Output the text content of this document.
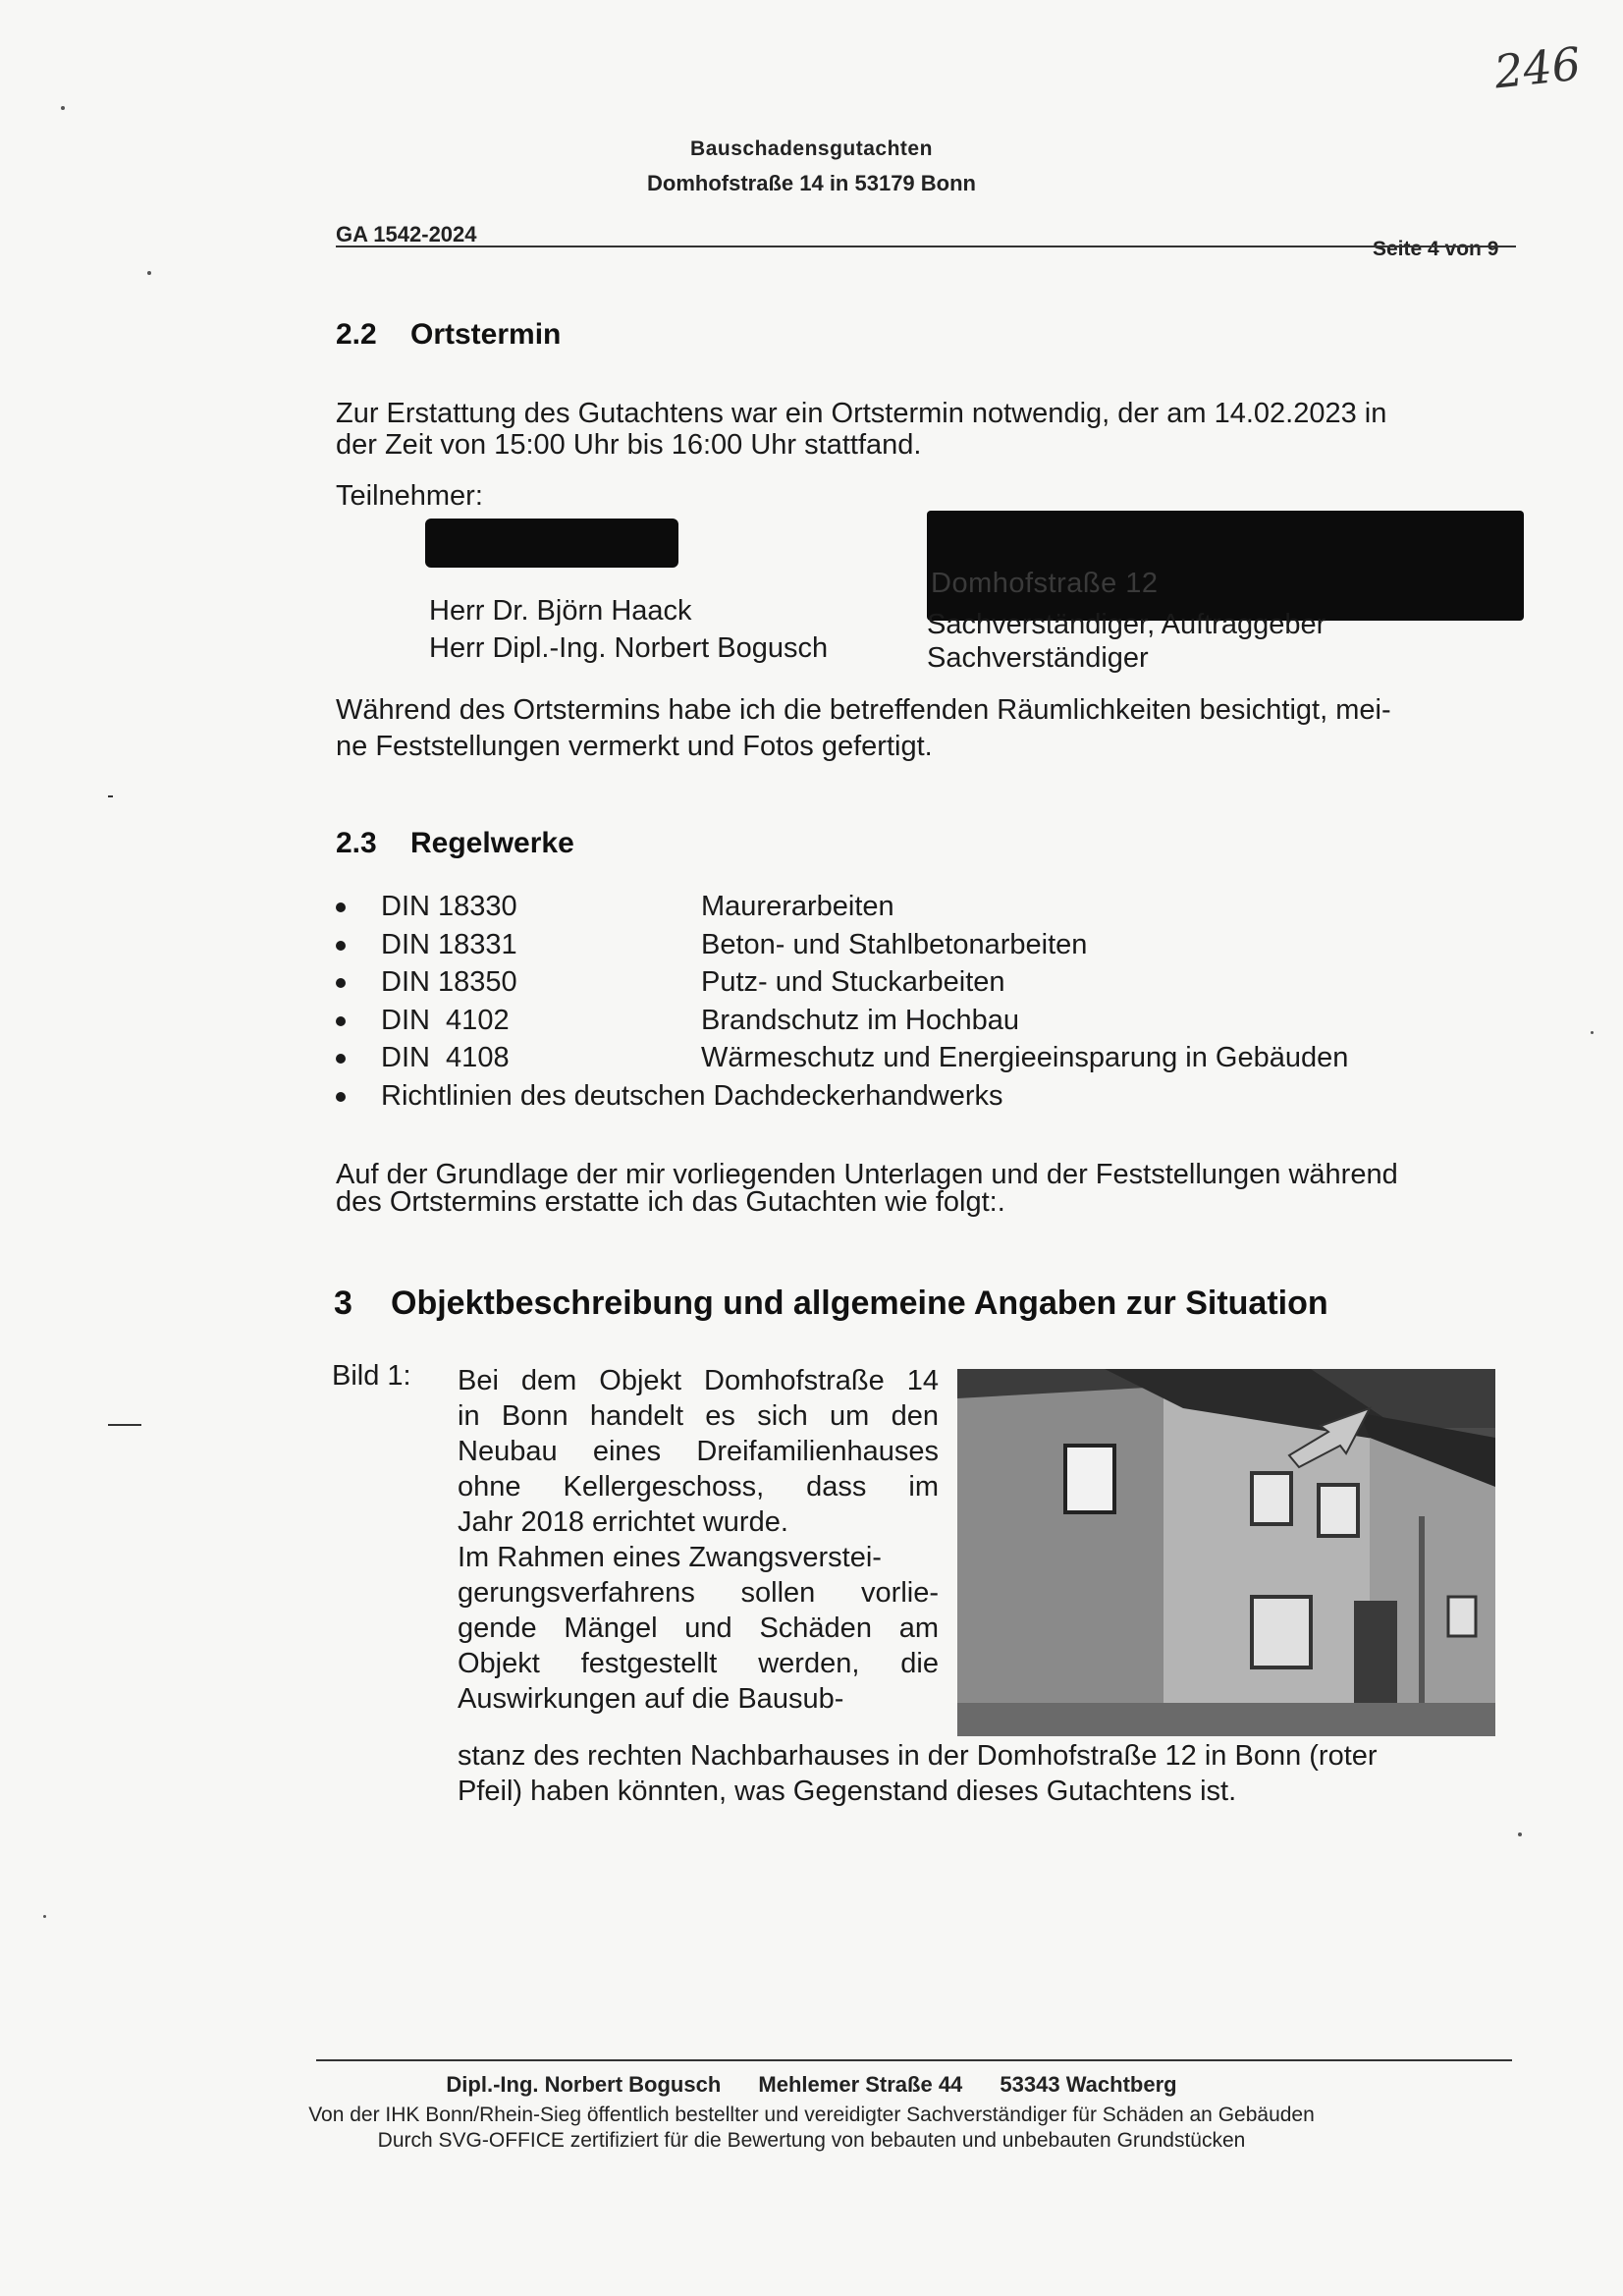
246
Bauschadensgutachten
Domhofstraße 14 in 53179 Bonn
GA 1542-2024
Seite 4 von 9
2.2 Ortstermin
Zur Erstattung des Gutachtens war ein Ortstermin notwendig, der am 14.02.2023 in
der Zeit von 15:00 Uhr bis 16:00 Uhr stattfand.
Teilnehmer:
Domhofstraße 12
Herr Dr. Björn Haack	Sachverständiger, Auftraggeber
Herr Dipl.-Ing. Norbert Bogusch	Sachverständiger
Während des Ortstermins habe ich die betreffenden Räumlichkeiten besichtigt, mei-
ne Feststellungen vermerkt und Fotos gefertigt.
2.3 Regelwerke
DIN 18330	Maurerarbeiten
DIN 18331	Beton- und Stahlbetonarbeiten
DIN 18350	Putz- und Stuckarbeiten
DIN  4102	Brandschutz im Hochbau
DIN  4108	Wärmeschutz und Energieeinsparung in Gebäuden
Richtlinien des deutschen Dachdeckerhandwerks
Auf der Grundlage der mir vorliegenden Unterlagen und der Feststellungen während
des Ortstermins erstatte ich das Gutachten wie folgt:.
3 Objektbeschreibung und allgemeine Angaben zur Situation
Bild 1: Bei dem Objekt Domhofstraße 14
in Bonn handelt es sich um den
Neubau eines Dreifamilienhauses
ohne Kellergeschoss, dass im
Jahr 2018 errichtet wurde.
Im Rahmen eines Zwangsverstei-
gerungsverfahrens sollen vorlie-
gende Mängel und Schäden am
Objekt festgestellt werden, die
Auswirkungen auf die Bausub-
stanz des rechten Nachbarhauses in der Domhofstraße 12 in Bonn (roter
Pfeil) haben könnten, was Gegenstand dieses Gutachtens ist.
Dipl.-Ing. Norbert Bogusch Mehlemer Straße 44 53343 Wachtberg
Von der IHK Bonn/Rhein-Sieg öffentlich bestellter und vereidigter Sachverständiger für Schäden an Gebäuden
Durch SVG-OFFICE zertifiziert für die Bewertung von bebauten und unbebauten Grundstücken
